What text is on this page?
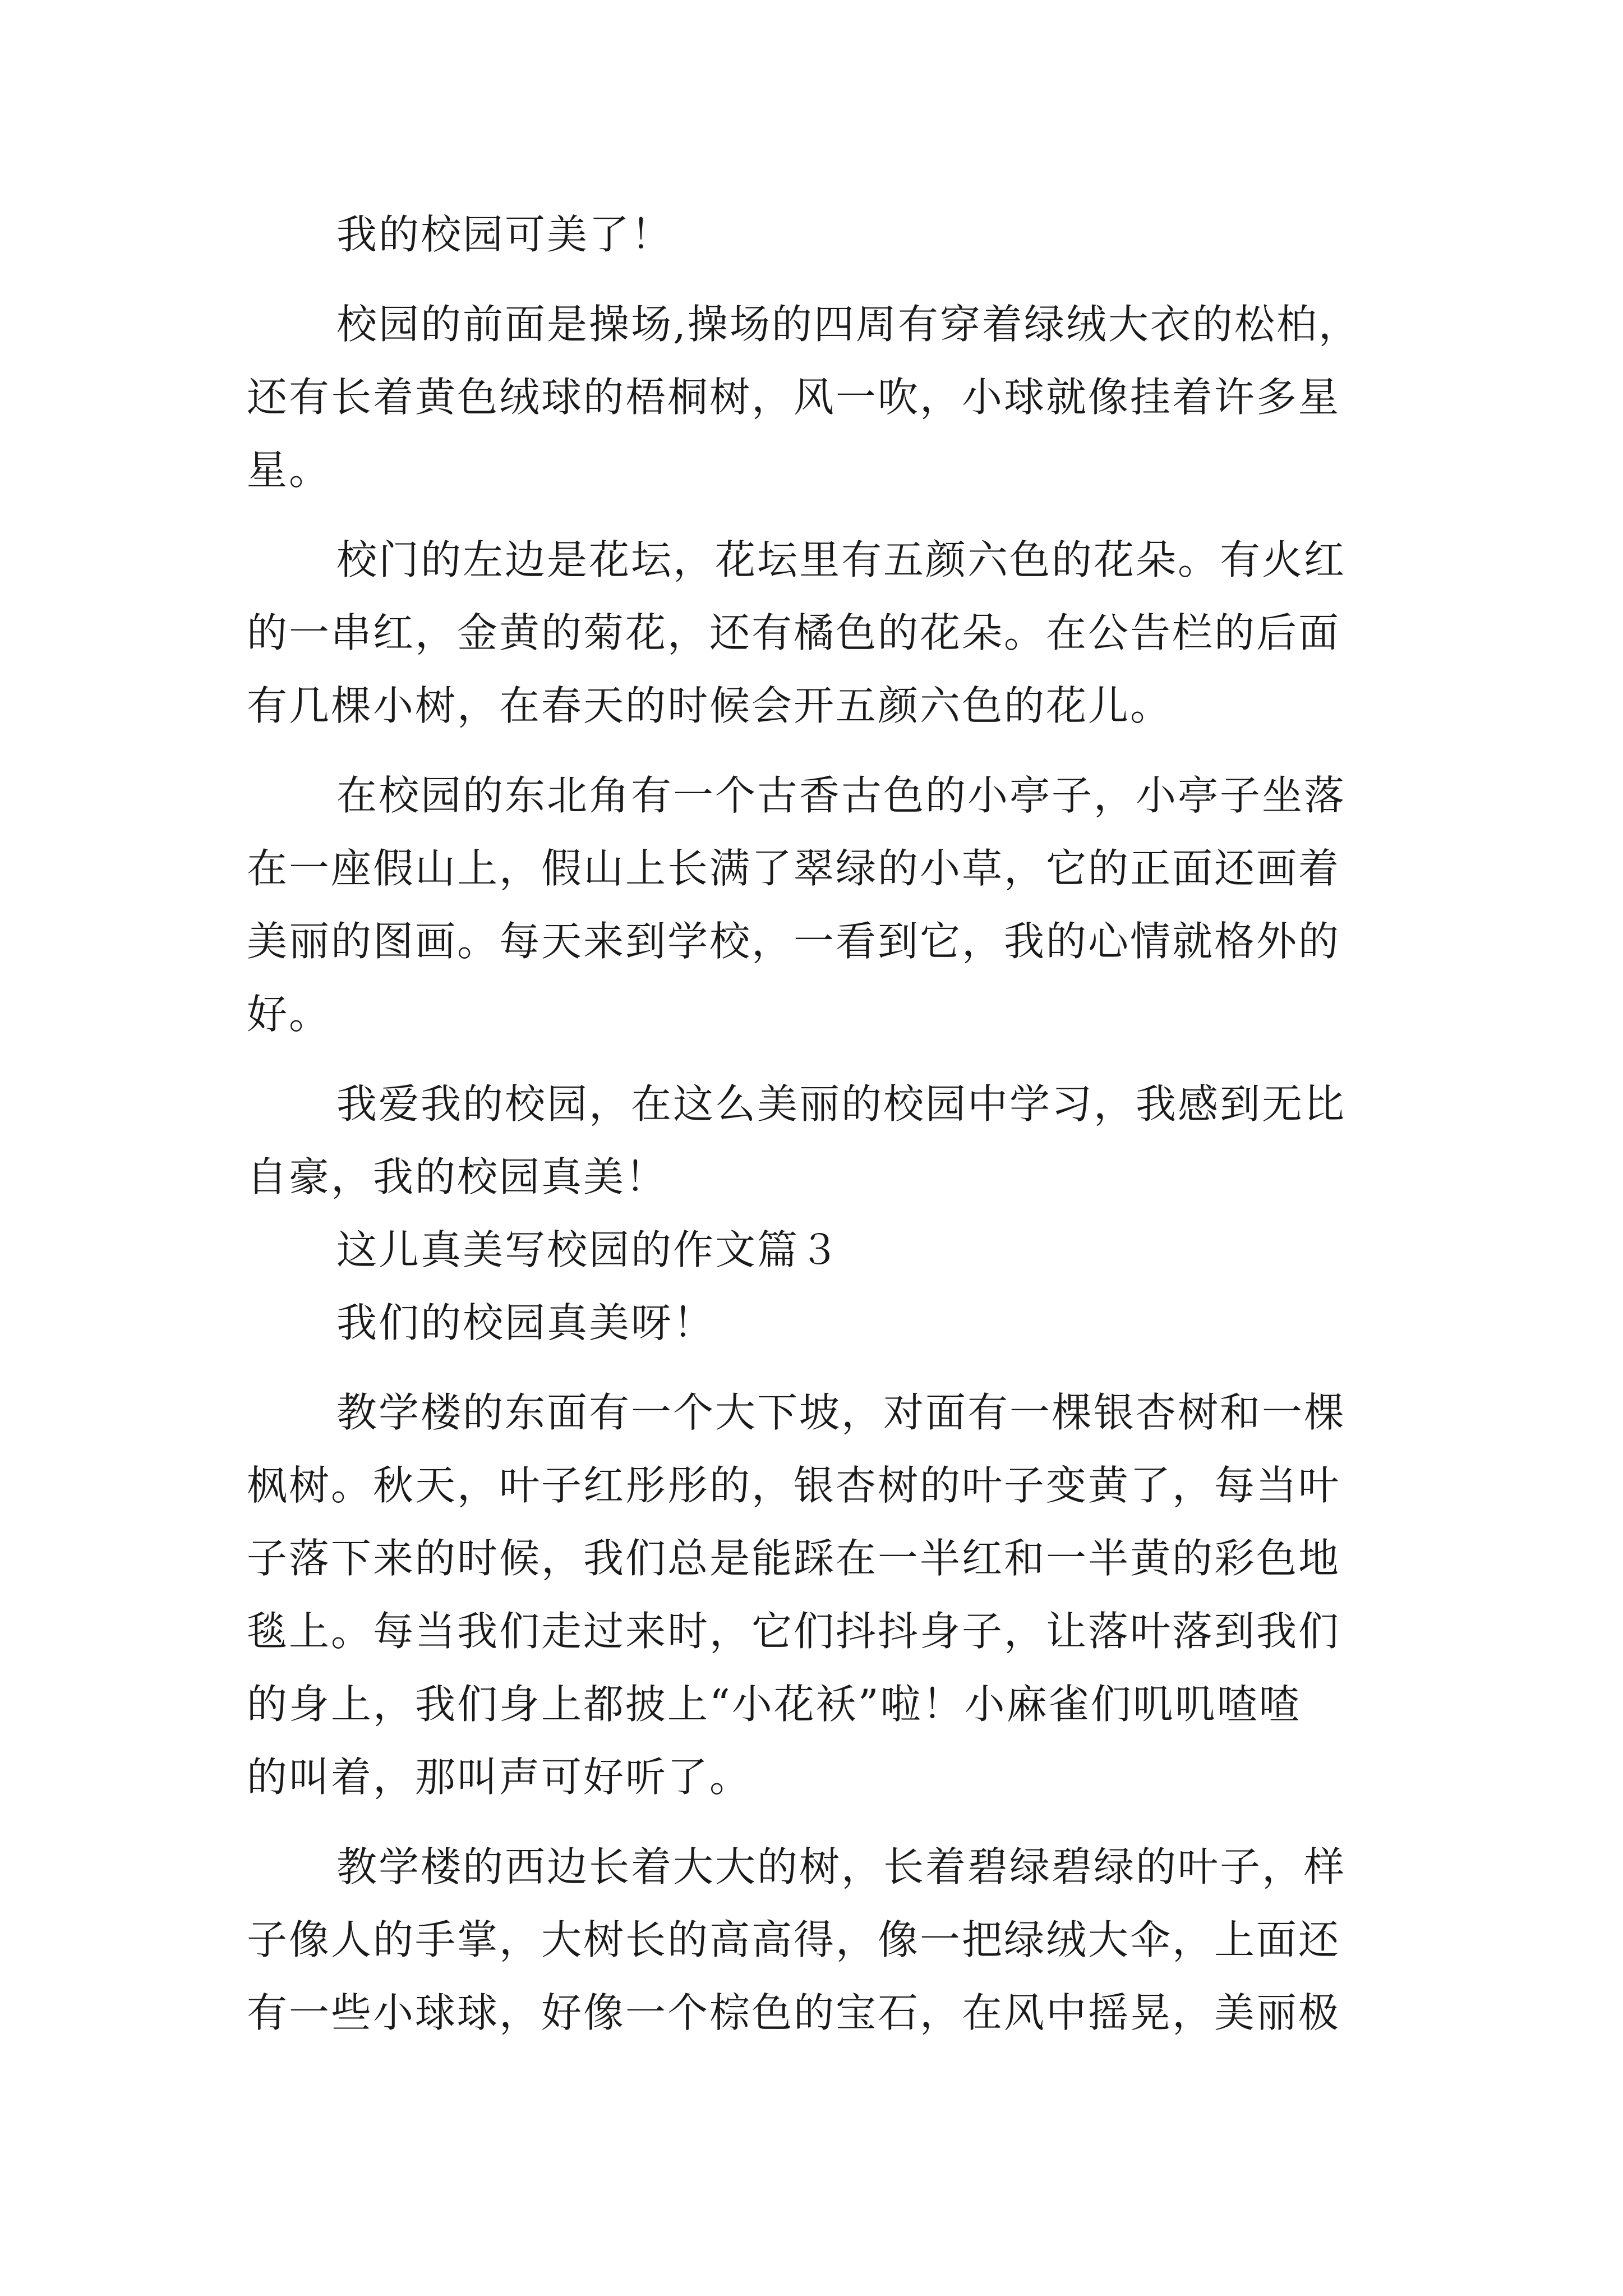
我的校园可美了！
校园的前面是操场,操场的四周有穿着绿绒大衣的松柏，
还有长着黄色绒球的梧桐树，风一吹，小球就像挂着许多星
星。
校门的左边是花坛，花坛里有五颜六色的花朵。有火红
的一串红，金黄的菊花，还有橘色的花朵。在公告栏的后面
有几棵小树，在春天的时候会开五颜六色的花儿。
在校园的东北角有一个古香古色的小亭子，小亭子坐落
在一座假山上，假山上长满了翠绿的小草，它的正面还画着
美丽的图画。每天来到学校，一看到它，我的心情就格外的
好。
我爱我的校园，在这么美丽的校园中学习，我感到无比
自豪，我的校园真美！
这儿真美写校园的作文篇３
我们的校园真美呀！
教学楼的东面有一个大下坡，对面有一棵银杏树和一棵
枫树。秋天，叶子红彤彤的，银杏树的叶子变黄了，每当叶
子落下来的时候，我们总是能踩在一半红和一半黄的彩色地
毯上。每当我们走过来时，它们抖抖身子，让落叶落到我们
的身上，我们身上都披上“小花袄”啦！小麻雀们叽叽喳喳
的叫着，那叫声可好听了。
教学楼的西边长着大大的树，长着碧绿碧绿的叶子，样
子像人的手掌，大树长的高高得，像一把绿绒大伞，上面还
有一些小球球，好像一个棕色的宝石，在风中摇晃，美丽极
